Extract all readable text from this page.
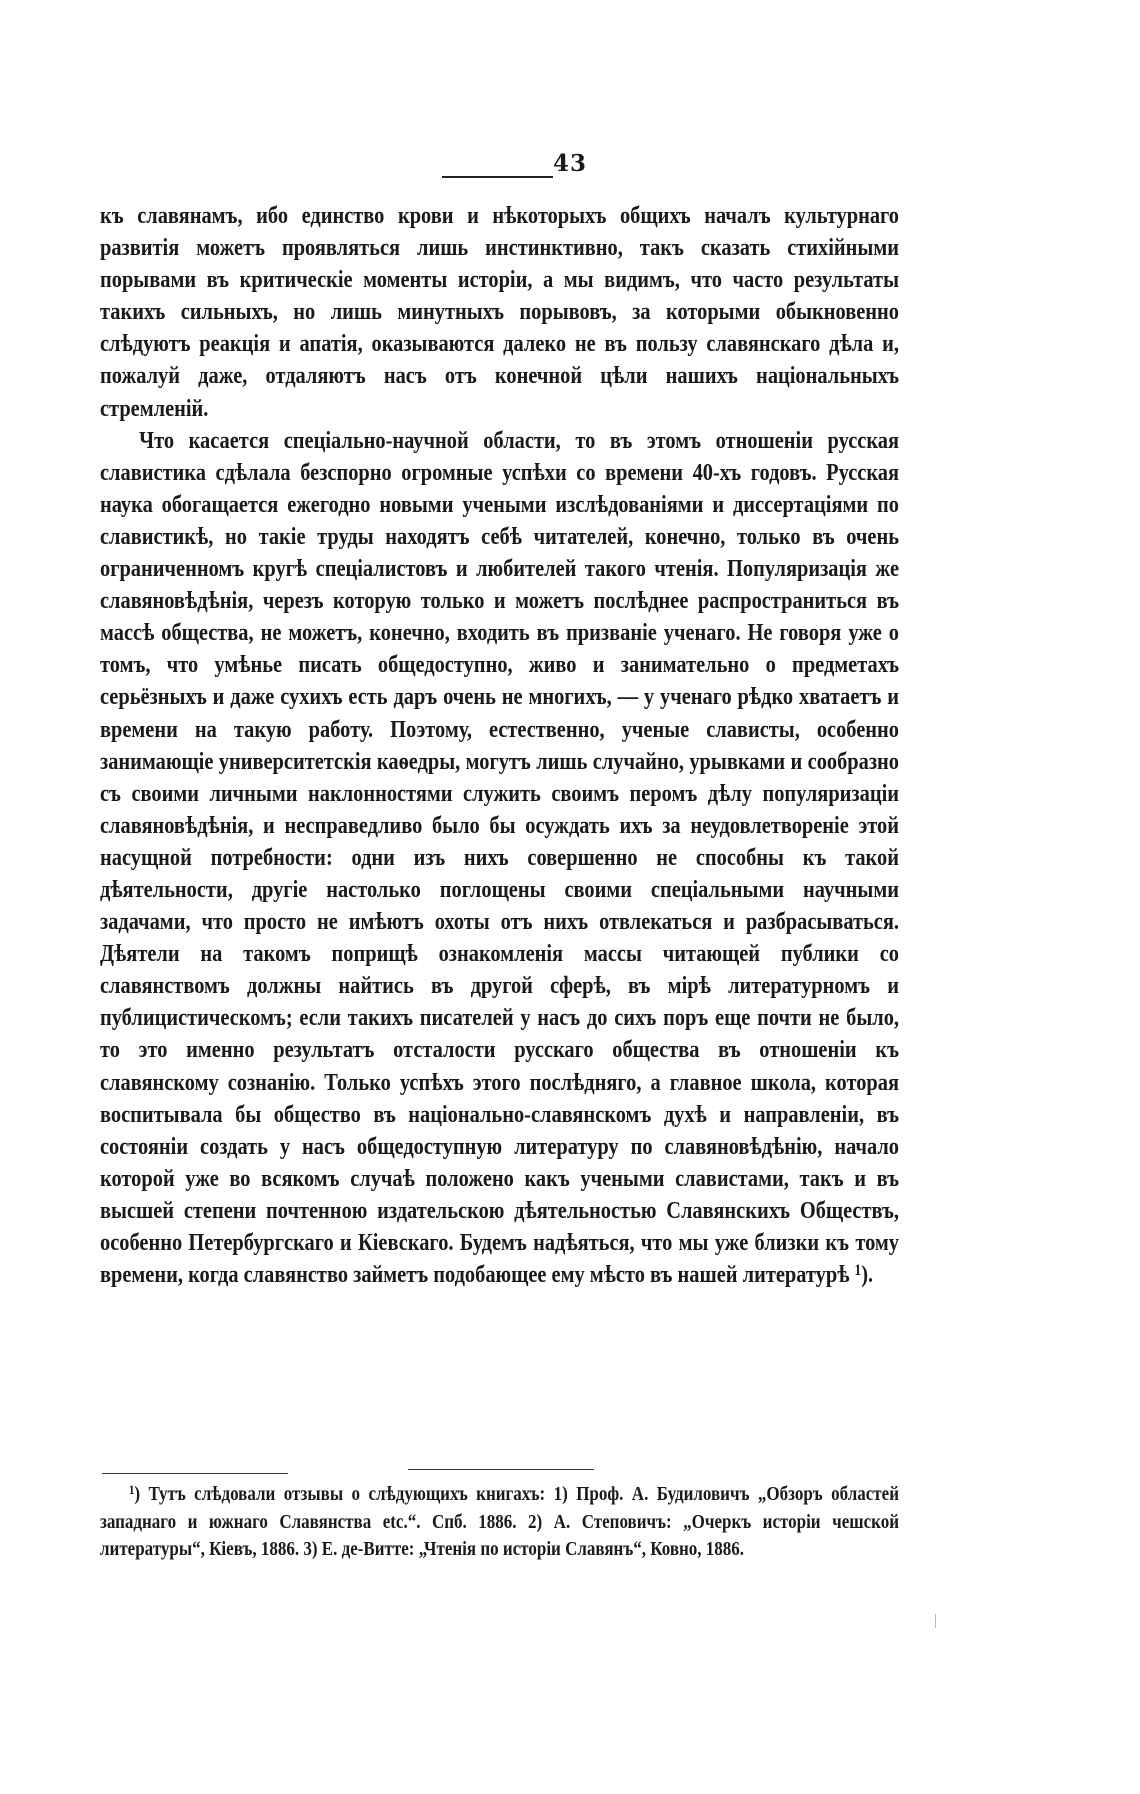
43

къ славянамъ, ибо единство крови и нѣкоторыхъ общихъ началъ культурнаго развитія можетъ проявляться лишь инстинктивно, такъ сказать стихійными порывами въ критическіе моменты исторіи, а мы видимъ, что часто результаты такихъ сильныхъ, но лишь минутныхъ порывовъ, за которыми обыкновенно слѣдуютъ реакція и апатія, оказываются далеко не въ пользу славянскаго дѣла и, пожалуй даже, отдаляютъ насъ отъ конечной цѣли нашихъ національныхъ стремленій.

Что касается спеціально-научной области, то въ этомъ отношеніи русская славистика сдѣлала безспорно огромные успѣхи со времени 40-хъ годовъ. Русская наука обогащается ежегодно новыми учеными изслѣдованіями и диссертаціями по славистикѣ, но такіе труды находятъ себѣ читателей, конечно, только въ очень ограниченномъ кругѣ спеціалистовъ и любителей такого чтенія. Популяризація же славяновѣдѣнія, черезъ которую только и можетъ послѣднее распространиться въ массѣ общества, не можетъ, конечно, входить въ призваніе ученаго. Не говоря уже о томъ, что умѣнье писать общедоступно, живо и занимательно о предметахъ серьёзныхъ и даже сухихъ есть даръ очень не многихъ, — у ученаго рѣдко хватаетъ и времени на такую работу. Поэтому, естественно, ученые слависты, особенно занимающіе университетскія каѳедры, могутъ лишь случайно, урывками и сообразно съ своими личными наклонностями служить своимъ перомъ дѣлу популяризаціи славяновѣдѣнія, и несправедливо было бы осуждать ихъ за неудовлетвореніе этой насущной потребности: одни изъ нихъ совершенно не способны къ такой дѣятельности, другіе настолько поглощены своими спеціальными научными задачами, что просто не имѣютъ охоты отъ нихъ отвлекаться и разбрасываться. Дѣятели на такомъ поприщѣ ознакомленія массы читающей публики со славянствомъ должны найтись въ другой сферѣ, въ мірѣ литературномъ и публицистическомъ; если такихъ писателей у насъ до сихъ поръ еще почти не было, то это именно результатъ отсталости русскаго общества въ отношеніи къ славянскому сознанію. Только успѣхъ этого послѣдняго, а главное школа, которая воспитывала бы общество въ національно-славянскомъ духѣ и направленіи, въ состояніи создать у насъ общедоступную литературу по славяновѣдѣнію, начало которой уже во всякомъ случаѣ положено какъ учеными славистами, такъ и въ высшей степени почтенною издательскою дѣятельностью Славянскихъ Обществъ, особенно Петербургскаго и Кіевскаго. Будемъ надѣяться, что мы уже близки къ тому времени, когда славянство займетъ подобающее ему мѣсто въ нашей литературѣ $^1$).

$^1$) Тутъ слѣдовали отзывы о слѣдующихъ книгахъ: 1) Проф. А. Будиловичъ „Обзоръ областей западнаго и южнаго Славянства etc.“. Спб. 1886. 2) А. Степовичъ: „Очеркъ исторіи чешской литературы“, Кіевъ, 1886. 3) Е. де-Витте: „Чтенія по исторіи Славянъ“, Ковно, 1886.
